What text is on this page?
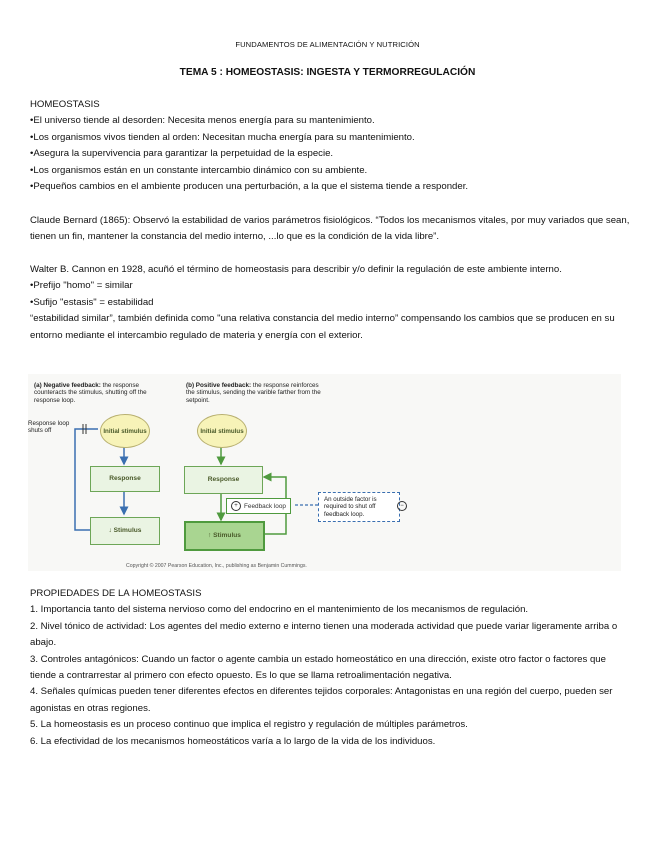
FUNDAMENTOS DE ALIMENTACIÓN Y NUTRICIÓN
TEMA 5 : HOMEOSTASIS: INGESTA Y TERMORREGULACIÓN

HOMEOSTASIS

•El universo tiende al desorden: Necesita menos energía para su mantenimiento.

•Los organismos vivos tienden al orden: Necesitan mucha energía para su mantenimiento.

•Asegura la supervivencia para garantizar la perpetuidad de la especie.

•Los organismos están en un constante intercambio dinámico con su ambiente.

•Pequeños cambios en el ambiente producen una perturbación, a la que el sistema tiende a responder.

Claude Bernard (1865): Observó la estabilidad de varios parámetros fisiológicos. “Todos los mecanismos vitales, por muy variados que sean, tienen un fin, mantener la constancia del medio interno, ...lo que es la condición de la vida libre”.

Walter B. Cannon en 1928, acuñó el término de homeostasis para describir y/o definir la regulación de este ambiente interno.

•Prefijo "homo" = similar

•Sufijo "estasis" = estabilidad

“estabilidad similar”, también definida como "una relativa constancia del medio interno” compensando los cambios que se producen en su entorno mediante el intercambio regulado de materia y energía con el exterior.

(a) Negative feedback: the response counteracts the stimulus, shutting off the response loop.
(b) Positive feedback: the response reinforces the stimulus, sending the varible farther from the setpoint.
Response loop shuts off	Initial stimulus
Response
↓ Stimulus
Initial stimulus
Response
↑ Stimulus
+ Feedback loop
An outside factor is required to shut off feedback loop.
−
Copyright © 2007 Pearson Education, Inc., publishing as Benjamin Cummings.

PROPIEDADES DE LA HOMEOSTASIS

1. Importancia tanto del sistema nervioso como del endocrino en el mantenimiento de los mecanismos de regulación.

2. Nivel tónico de actividad: Los agentes del medio externo e interno tienen una moderada actividad que puede variar ligeramente arriba o abajo.

3. Controles antagónicos: Cuando un factor o agente cambia un estado homeostático en una dirección, existe otro factor o factores que tiende a contrarrestar al primero con efecto opuesto. Es lo que se llama retroalimentación negativa.

4. Señales químicas pueden tener diferentes efectos en diferentes tejidos corporales: Antagonistas en una región del cuerpo, pueden ser agonistas en otras regiones.

5. La homeostasis es un proceso continuo que implica el registro y regulación de múltiples parámetros.

6. La efectividad de los mecanismos homeostáticos varía a lo largo de la vida de los individuos.
